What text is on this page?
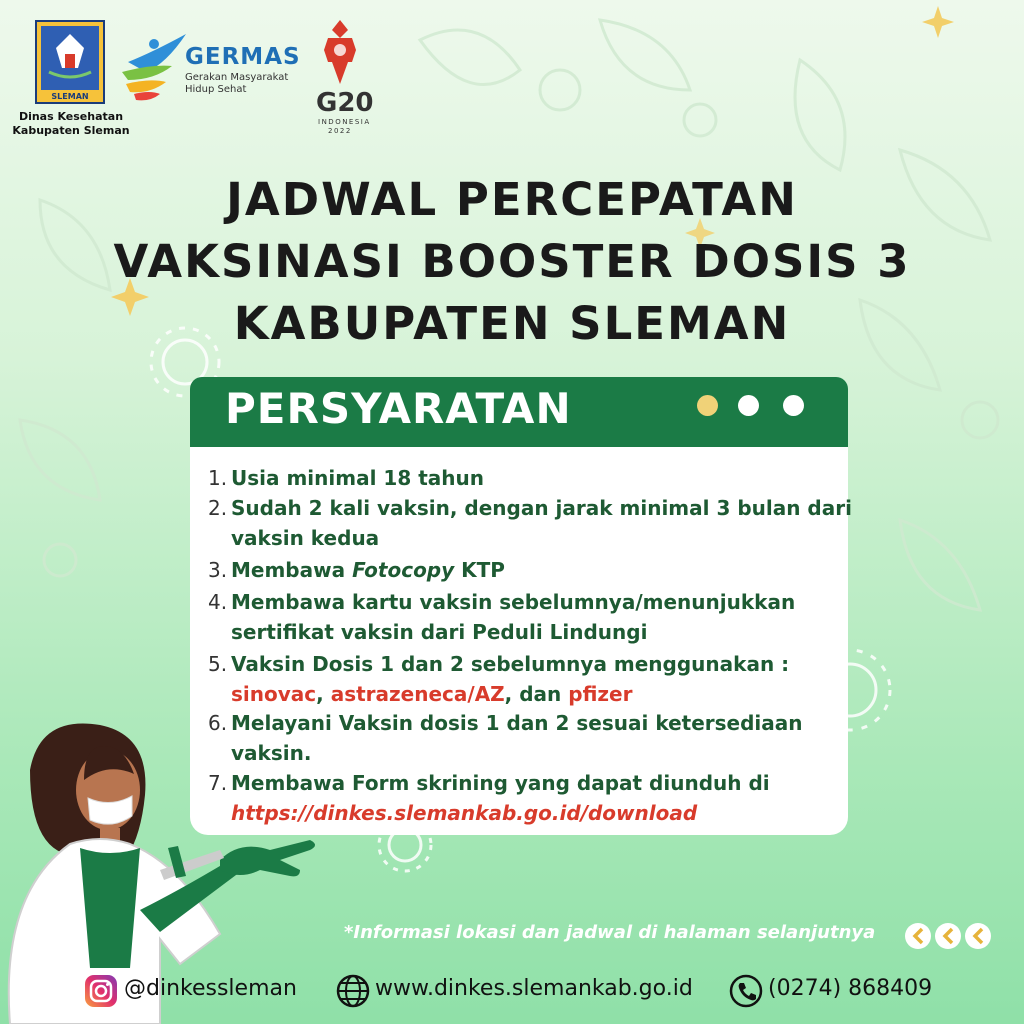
SLEMAN
Dinas Kesehatan
Kabupaten Sleman
GERMAS
Gerakan Masyarakat
Hidup Sehat	G20
INDONESIA
2022
JADWAL PERCEPATAN
VAKSINASI BOOSTER DOSIS 3
KABUPATEN SLEMAN
PERSYARATAN
1. Usia minimal 18 tahun
2. Sudah 2 kali vaksin, dengan jarak minimal 3 bulan dari
vaksin kedua
3. Membawa Fotocopy KTP
4. Membawa kartu vaksin sebelumnya/menunjukkan
sertifikat vaksin dari Peduli Lindungi
5. Vaksin Dosis 1 dan 2 sebelumnya menggunakan :
sinovac, astrazeneca/AZ, dan pfizer
6. Melayani Vaksin dosis 1 dan 2 sesuai ketersediaan
vaksin.
7. Membawa Form skrining yang dapat diunduh di
https://dinkes.slemankab.go.id/download
*Informasi lokasi dan jadwal di halaman selanjutnya
@dinkessleman	www.dinkes.slemankab.go.id	(0274) 868409
